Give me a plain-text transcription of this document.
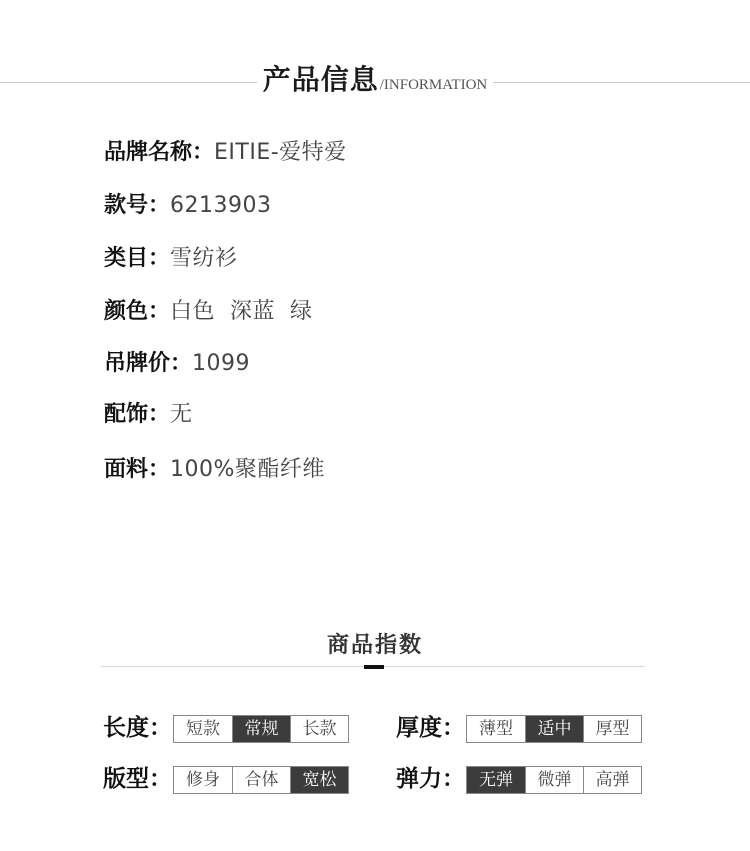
产品信息/INFORMATION
品牌名称：EITIE-爱特爱
款号：6213903
类目：雪纺衫
颜色：白色  深蓝  绿
吊牌价：1099
配饰：无
面料：100%聚酯纤维
商品指数
长度： 短款	常规	长款	厚度： 薄型	适中	厚型
版型： 修身	合体	宽松	弹力： 无弹	微弹	高弹
